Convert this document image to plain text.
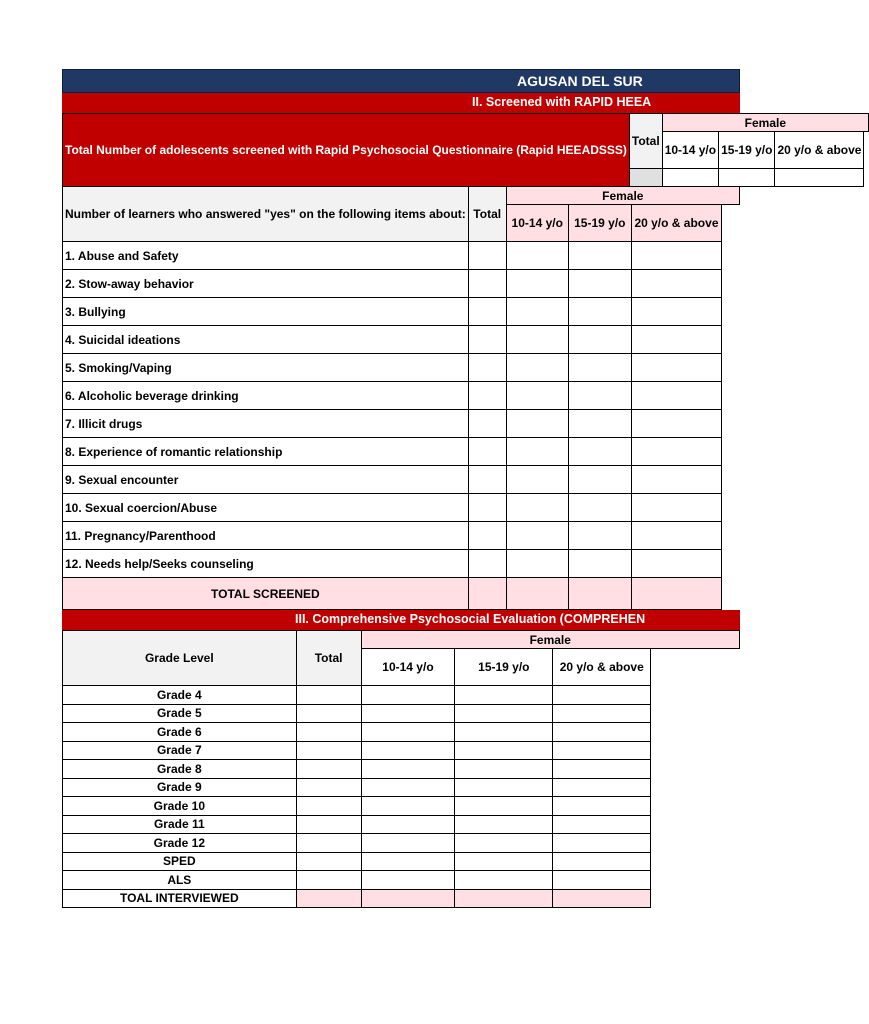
AGUSAN DEL SUR
II. Screened with RAPID HEEA
Total Number of adolescents screened with Rapid Psychosocial Questionnaire (Rapid HEEADSSS)	Total	Female			
		10-14 y/o	15-19 y/o	20 y/o & above	

Number of learners who answered "yes" on the following items about:	Total	Female			
		10-14 y/o	15-19 y/o	20 y/o & above	
1. Abuse and Safety					
2. Stow-away behavior					
3. Bullying					
4. Suicidal ideations					
5. Smoking/Vaping					
6. Alcoholic beverage drinking					
7. Illicit drugs					
8. Experience of romantic relationship					
9. Sexual encounter					
10. Sexual coercion/Abuse					
11. Pregnancy/Parenthood					
12. Needs help/Seeks counseling					
TOTAL SCREENED					
III. Comprehensive Psychosocial Evaluation (COMPREHEN
Grade Level	Total	Female			
		10-14 y/o	15-19 y/o	20 y/o & above	
Grade 4					
Grade 5					
Grade 6					
Grade 7					
Grade 8					
Grade 9					
Grade 10					
Grade 11					
Grade 12					
SPED					
ALS					
TOAL INTERVIEWED					
